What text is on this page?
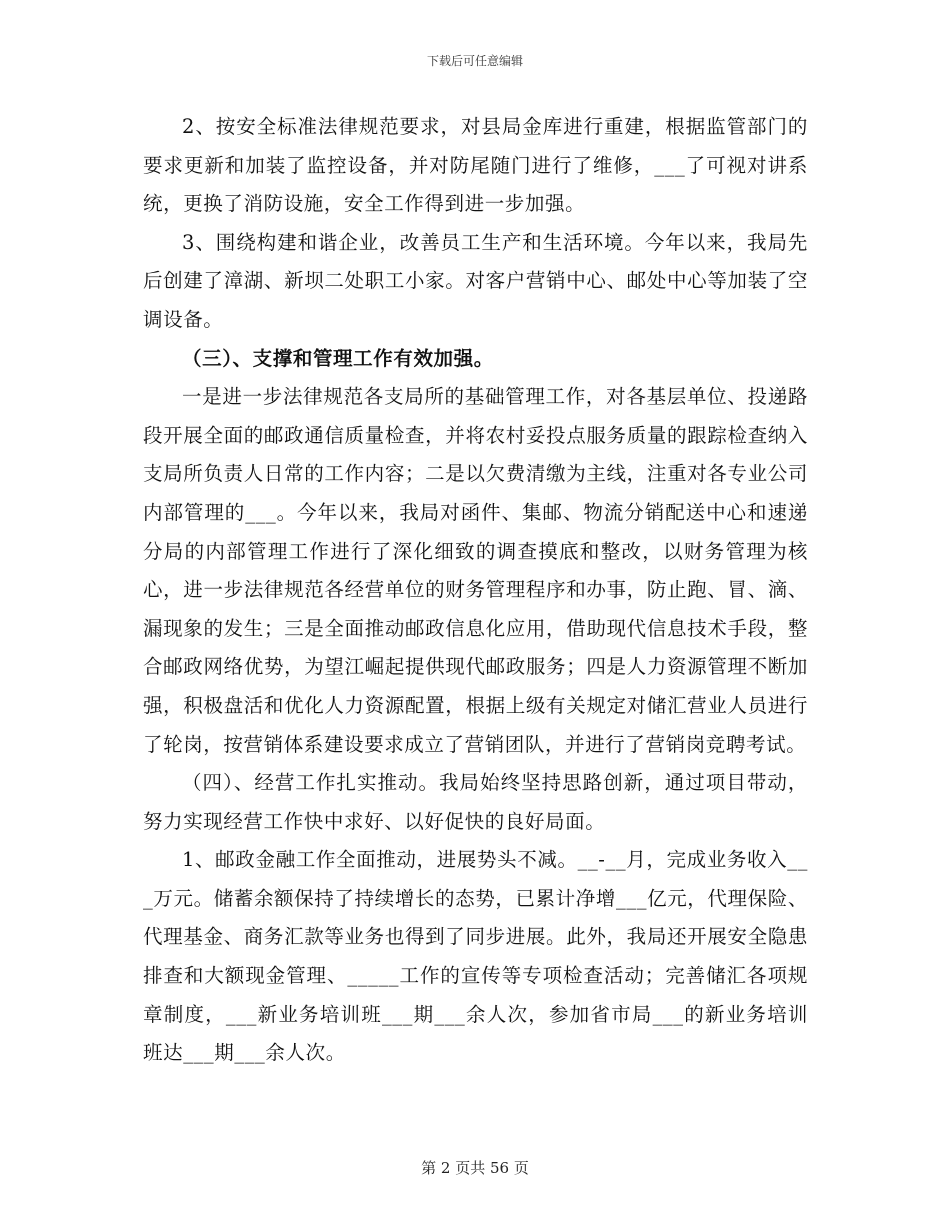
下载后可任意编辑

2、按安全标准法律规范要求，对县局金库进行重建，根据监管部门的要求更新和加装了监控设备，并对防尾随门进行了维修，___了可视对讲系统，更换了消防设施，安全工作得到进一步加强。

3、围绕构建和谐企业，改善员工生产和生活环境。今年以来，我局先后创建了漳湖、新坝二处职工小家。对客户营销中心、邮处中心等加装了空调设备。

（三）、支撑和管理工作有效加强。

一是进一步法律规范各支局所的基础管理工作，对各基层单位、投递路段开展全面的邮政通信质量检查，并将农村妥投点服务质量的跟踪检查纳入支局所负责人日常的工作内容；二是以欠费清缴为主线，注重对各专业公司内部管理的___。今年以来，我局对函件、集邮、物流分销配送中心和速递分局的内部管理工作进行了深化细致的调查摸底和整改，以财务管理为核心，进一步法律规范各经营单位的财务管理程序和办事，防止跑、冒、滴、漏现象的发生；三是全面推动邮政信息化应用，借助现代信息技术手段，整合邮政网络优势，为望江崛起提供现代邮政服务；四是人力资源管理不断加强，积极盘活和优化人力资源配置，根据上级有关规定对储汇营业人员进行了轮岗，按营销体系建设要求成立了营销团队，并进行了营销岗竞聘考试。

（四）、经营工作扎实推动。我局始终坚持思路创新，通过项目带动，努力实现经营工作快中求好、以好促快的良好局面。

1、邮政金融工作全面推动，进展势头不减。__-__月，完成业务收入___万元。储蓄余额保持了持续增长的态势，已累计净增___亿元，代理保险、代理基金、商务汇款等业务也得到了同步进展。此外，我局还开展安全隐患排查和大额现金管理、_____工作的宣传等专项检查活动；完善储汇各项规章制度，___新业务培训班___期___余人次，参加省市局___的新业务培训班达___期___余人次。

第 2 页共 56 页
